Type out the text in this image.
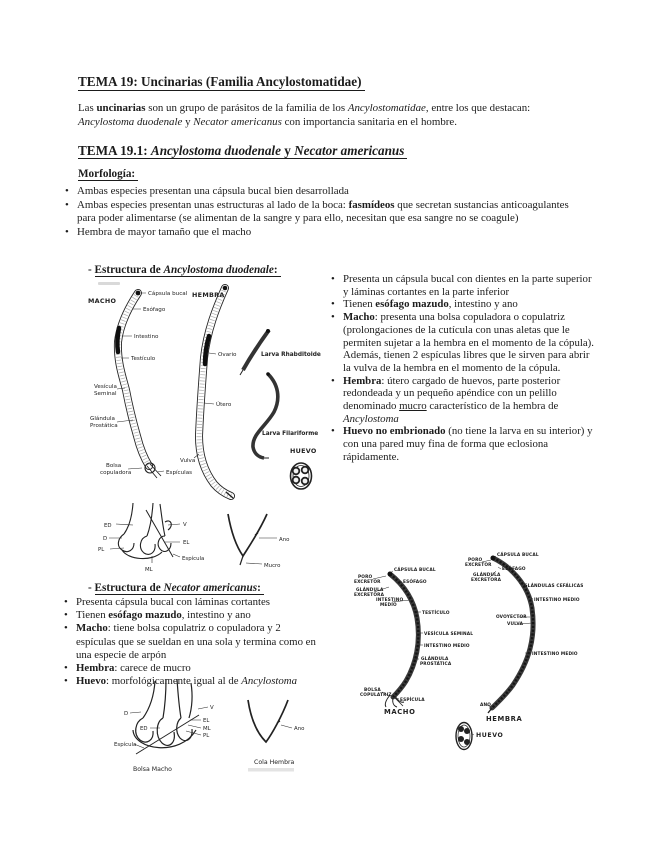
TEMA 19: Uncinarias (Familia Ancylostomatidae)
Las uncinarias son un grupo de parásitos de la familia de los Ancylostomatidae, entre los que destacan:
Ancylostoma duodenale y Necator americanus con importancia sanitaria en el hombre.
TEMA 19.1: Ancylostoma duodenale y Necator americanus
Morfología:
• Ambas especies presentan una cápsula bucal bien desarrollada
• Ambas especies presentan unas estructuras al lado de la boca: fasmídeos que secretan sustancias anticoagulantes para poder alimentarse (se alimentan de la sangre y para ello, necesitan que esa sangre no se coagule)
• Hembra de mayor tamaño que el macho
- Estructura de Ancylostoma duodenale:
• Presenta un cápsula bucal con dientes en la parte superior y láminas cortantes en la parte inferior
• Tienen esófago mazudo, intestino y ano
• Macho: presenta una bolsa copuladora o copulatriz (prolongaciones de la cutícula con unas aletas que le permiten sujetar a la hembra en el momento de la cópula). Además, tienen 2 espículas libres que le sirven para abrir la vulva de la hembra en el momento de la cópula.
• Hembra: útero cargado de huevos, parte posterior redondeada y un pequeño apéndice con un pelillo denominado mucro característico de la hembra de Ancylostoma
• Huevo no embrionado (no tiene la larva en su interior) y con una pared muy fina de forma que eclosiona rápidamente.
- Estructura de Necator americanus:
• Presenta cápsula bucal con láminas cortantes
• Tienen esófago mazudo, intestino y ano
• Macho: tiene bolsa copulatriz o copuladora y 2 espículas que se sueldan en una sola y termina como en una especie de arpón
• Hembra: carece de mucro
• Huevo: morfológicamente igual al de Ancylostoma
MACHO
HEMBRA
Cápsula bucal
Esófago
Intestino
Testículo
Vesícula
Seminal
Glándula
Prostática
Bolsa
copuladora	Espículas
Ovario
Útero
Vulva
Larva Rhabditoide
Larva Filariforme
HUEVO
ED
D
PL
V
EL
ML
Espícula
Ano
Mucro
PORO
EXCRETOR
CÁPSULA BUCAL
ESÓFAGO
GLÁNDULA
EXCRETORA
INTESTINO
MEDIO
TESTÍCULO
VESÍCULA SEMINAL
INTESTINO MEDIO
GLÁNDULA
PROSTÁTICA
BOLSA
COPULATRIZ
ESPÍCULA
MACHO
CÁPSULA BUCAL
PORO
EXCRETOR
ESÓFAGO
GLÁNDULA
EXCRETORA
GLÁNDULAS CEFÁLICAS
INTESTINO MEDIO
OVOYECTOR
VULVA
INTESTINO MEDIO
ANO
HEMBRA
HUEVO
D
ED
Espícula
V
EL
ML
PL
Bolsa Macho
Ano
Cola Hembra
